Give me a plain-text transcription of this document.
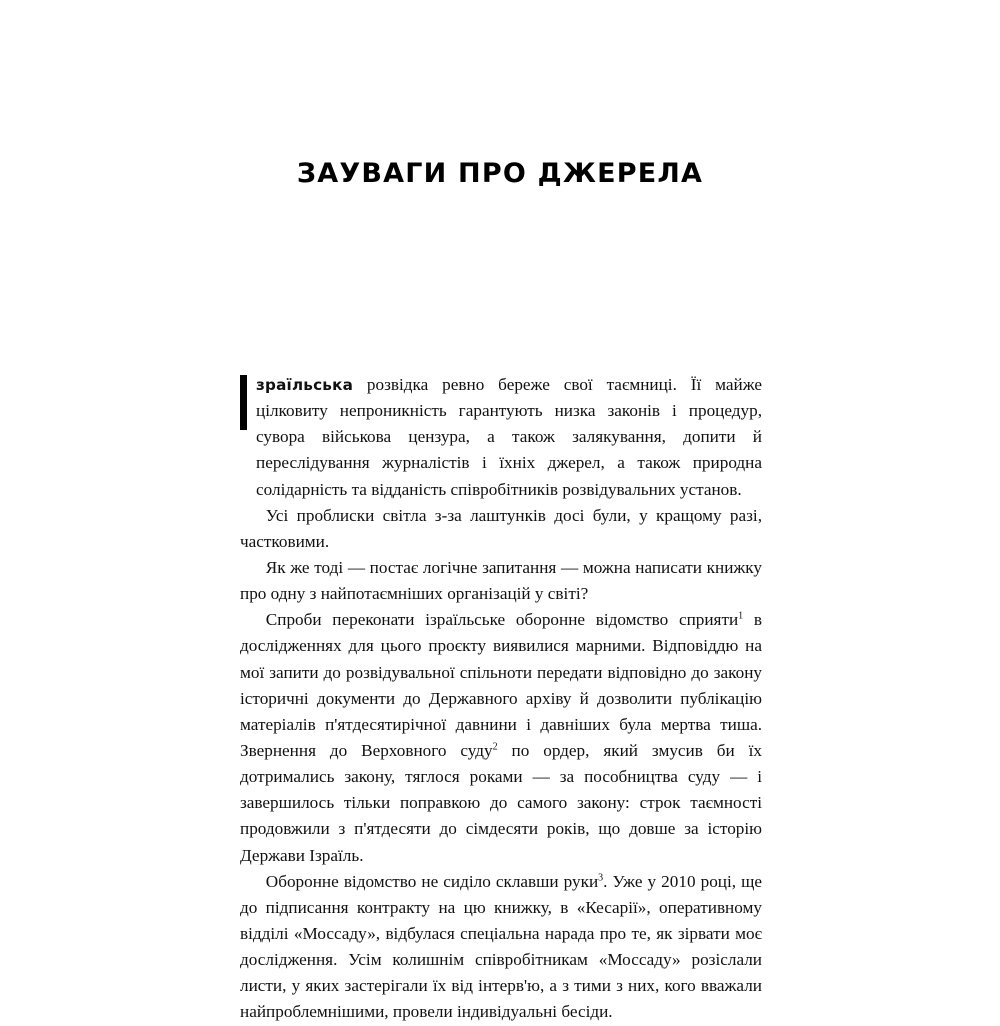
ЗАУВАГИ ПРО ДЖЕРЕЛА

зраїльська розвідка ревно береже свої таємниці. Її майже цілковиту непроникність гарантують низка законів і процедур, сувора військова цензура, а також залякування, допити й переслідування журналістів і їхніх джерел, а також природна солідарність та відданість співробітників розвідувальних установ.

Усі проблиски світла з-за лаштунків досі були, у кращому разі, частковими.

Як же тоді — постає логічне запитання — можна написати книжку про одну з найпотаємніших організацій у світі?

Спроби переконати ізраїльське оборонне відомство сприяти$^1$ в дослідженнях для цього проєкту виявилися марними. Відповіддю на мої запити до розвідувальної спільноти передати відповідно до закону історичні документи до Державного архіву й дозволити публікацію матеріалів п'ятдесятирічної давнини і давніших була мертва тиша. Звернення до Верховного суду$^2$ по ордер, який змусив би їх дотримались закону, тяглося роками — за пособництва суду — і завершилось тільки поправкою до самого закону: строк таємності продовжили з п'ятдесяти до сімдесяти років, що довше за історію Держави Ізраїль.

Оборонне відомство не сиділо склавши руки$^3$. Уже у 2010 році, ще до підписання контракту на цю книжку, в «Кесарії», оперативному відділі «Моссаду», відбулася спеціальна нарада про те, як зірвати моє дослідження. Усім колишнім співробітникам «Моссаду» розіслали листи, у яких застерігали їх від інтерв'ю, а з тими з них, кого вважали найпроблемнішими, провели індивідуальні бесіди.
